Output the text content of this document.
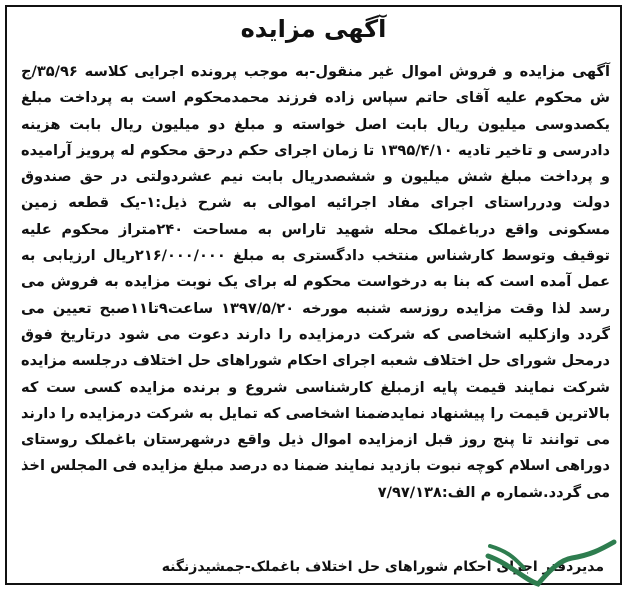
آگهی مزایده

آگهی مزایده و فروش اموال غیر منقول-به موجب پرونده اجرایی کلاسه ۳۵/۹۶/ج ش محکوم علیه آقای حاتم سپاس زاده فرزند محمدمحکوم است به پرداخت مبلغ یکصدوسی میلیون ریال بابت اصل خواسته و مبلغ دو میلیون ریال بابت هزینه دادرسی و تاخیر تادیه ۱۳۹۵/۴/۱۰ تا زمان اجرای حکم درحق محکوم له پرویز آرامیده و پرداخت مبلغ شش میلیون و ششصدریال بابت نیم عشردولتی در حق صندوق دولت ودرراستای اجرای مفاد اجرائیه اموالی به شرح ذیل:۱-یک قطعه زمین مسکونی واقع درباغملک محله شهید تاراس به مساحت ۲۴۰متراز محکوم علیه توقیف وتوسط کارشناس منتخب دادگستری به مبلغ ۲۱۶/۰۰۰/۰۰۰ریال ارزیابی به عمل آمده است که بنا به درخواست محکوم له برای یک نوبت مزایده به فروش می رسد لذا وقت مزایده روزسه شنبه مورخه ۱۳۹۷/۵/۲۰ ساعت۹تا۱۱صبح تعیین می گردد وازکلیه اشخاصی که شرکت درمزایده را دارند دعوت می شود درتاریخ فوق درمحل شورای حل اختلاف شعبه اجرای احکام شوراهای حل اختلاف درجلسه مزایده شرکت نمایند قیمت پایه ازمبلغ کارشناسی شروع و برنده مزایده کسی ست که بالاترین قیمت را پیشنهاد نمایدضمنا اشخاصی که تمایل به شرکت درمزایده را دارند می توانند تا پنج روز قبل ازمزایده اموال ذیل واقع درشهرستان باغملک روستای دوراهی اسلام کوچه نبوت بازدید نمایند ضمنا ده درصد مبلغ مزایده فی المجلس اخذ می گردد.شماره م الف:۷/۹۷/۱۳۸

مدیردفتر اجرای احکام شوراهای حل اختلاف باغملک-جمشیدزنگنه
